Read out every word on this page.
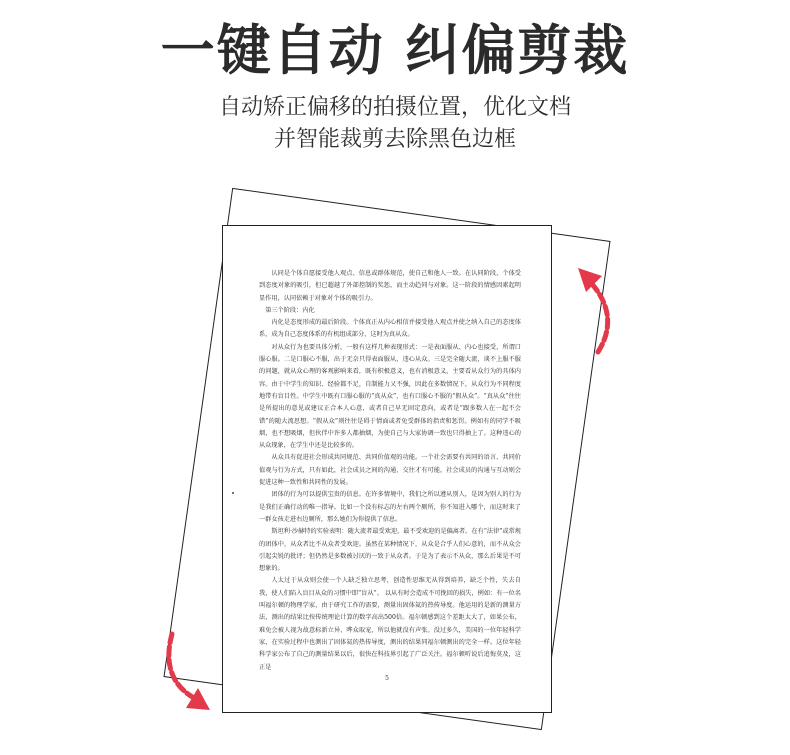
一键自动 纠偏剪裁

自动矫正偏移的拍摄位置，优化文档

并智能裁剪去除黑色边框

认同是个体自愿接受他人观点、信息或群体规范，使自己和他人一致。在认同阶段，个体受到态度对象的吸引，但已超越了外部控制的奖惩，而主动趋同与对象。这一阶段的情感因素起明显作用，认同依赖于对象对个体的吸引力。

第三个阶段：内化

内化是态度形成的最后阶段。个体真正从内心相信并接受他人观点并使之纳入自己的态度体系，成为自己态度体系的有机组成部分，这时为真从众。

对从众行为也要具体分析，一般有这样几种表现形式：一是表面服从、内心也接受，所谓口服心服。二是口服心不服，出于无奈只得表面服从，违心从众。三是完全随大流，谈不上服不服的问题，就从众心理的客观影响来看，既有积极意义，也有消极意义，主要看从众行为的具体内容。由于中学生的知识、经验都不足，自制能力又不强，因此在多数情况下，从众行为不同程度地带有盲目性。中学生中既有口服心服的“真从众”，也有口服心不服的“假从众”。“真从众”往往是所提出的意见或建议正合本人心意，或者自己早无固定意向，或者是“跟多数人在一起不会错”的随大流思想。“假从众”则往往是碍于情面或者免受群体的指责和惩罚。例如有的同学不吸烟，也不想吸烟，但伙伴中许多人都抽烟，为使自己与大家协调一致也只得抽上了。这种违心的从众现象，在学生中还是比较多的。

从众具有促进社会形成共同规范、共同价值观的功能。一个社会需要有共同的语言、共同价值观与行为方式，只有如此，社会成员之间的沟通、交往才有可能，社会成员的沟通与互动则会促进这种一致性和共同性的发展。

团体的行为可以提供宝贵的信息。在许多情境中，我们之所以遵从别人，是因为别人的行为是我们正确行动的唯一指导。比如一个没有标志的左右两个厕所，你不知进入哪个，而这时来了一群女孩走进右边厕所，那么她们为你提供了信息。

斯坦利·沙赫特的实验表明：随大流者最受欢迎，最不受欢迎的是偏离者。在有“法律”或常规的团体中，从众者比不从众者受欢迎。虽然在某种情况下，从众是合乎人们心意的，而不从众会引起尖锐的批评；但仍然是多数被讨厌的一致于从众者。于是为了表示不从众，那么后果是不可想象的。

人太过于从众则会使一个人缺乏独立思考，创造性思维无从得到培养，缺乏个性，失去自我，使人们陷入盲目从众的习惯中即“盲从”。 以从有时会造成不可挽回的损失，例如：有一位名叫福尔顿的物理学家，由于研究工作的需要，测量出固体氦的热传导度。他运用的是新的测量方法，测出的结果比按传统理论计算的数字高出500倍。福尔顿感到这个差距太大了，如果公布，难免会被人视为故意标新立异、哗众取宠，所以他就没有声张。没过多久，美国的一位年轻科学家，在实验过程中也测出了固体氦的热传导度，测出的结果同福尔顿测出的完全一样。这位年轻科学家公布了自己的测量结果以后，很快在科技界引起了广泛关注。福尔顿听说后追悔莫及，这正是

5
